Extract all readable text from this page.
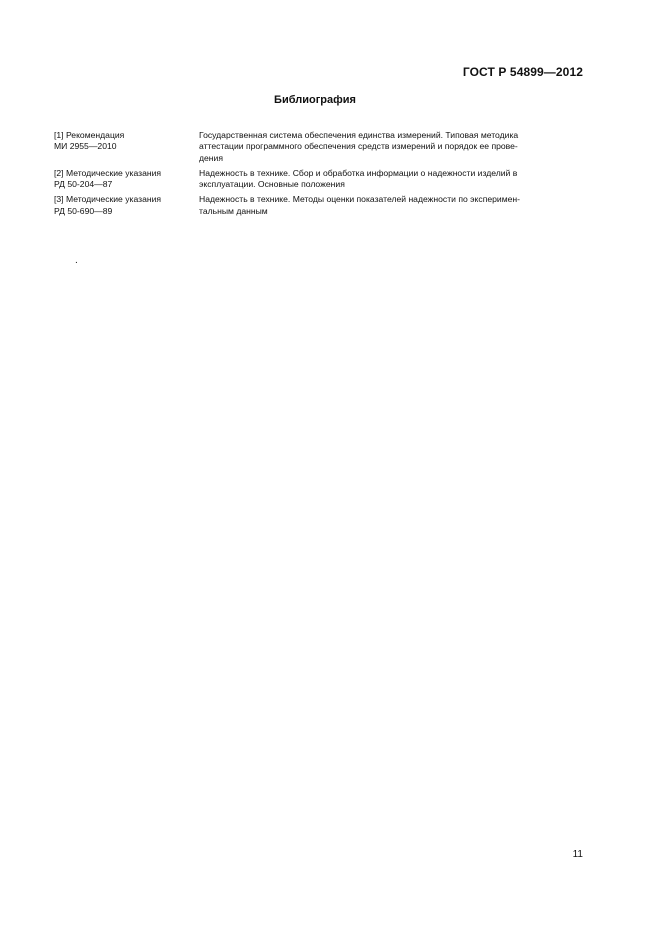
ГОСТ Р 54899—2012
Библиография
[1] Рекомендация
МИ 2955—2010
Государственная система обеспечения единства измерений. Типовая методика
аттестации программного обеспечения средств измерений и порядок ее прове-
дения
[2] Методические указания
РД 50-204—87
Надежность в технике. Сбор и обработка информации о надежности изделий в
эксплуатации. Основные положения
[3] Методические указания
РД 50-690—89
Надежность в технике. Методы оценки показателей надежности по эксперимен-
тальным данным
.
11
